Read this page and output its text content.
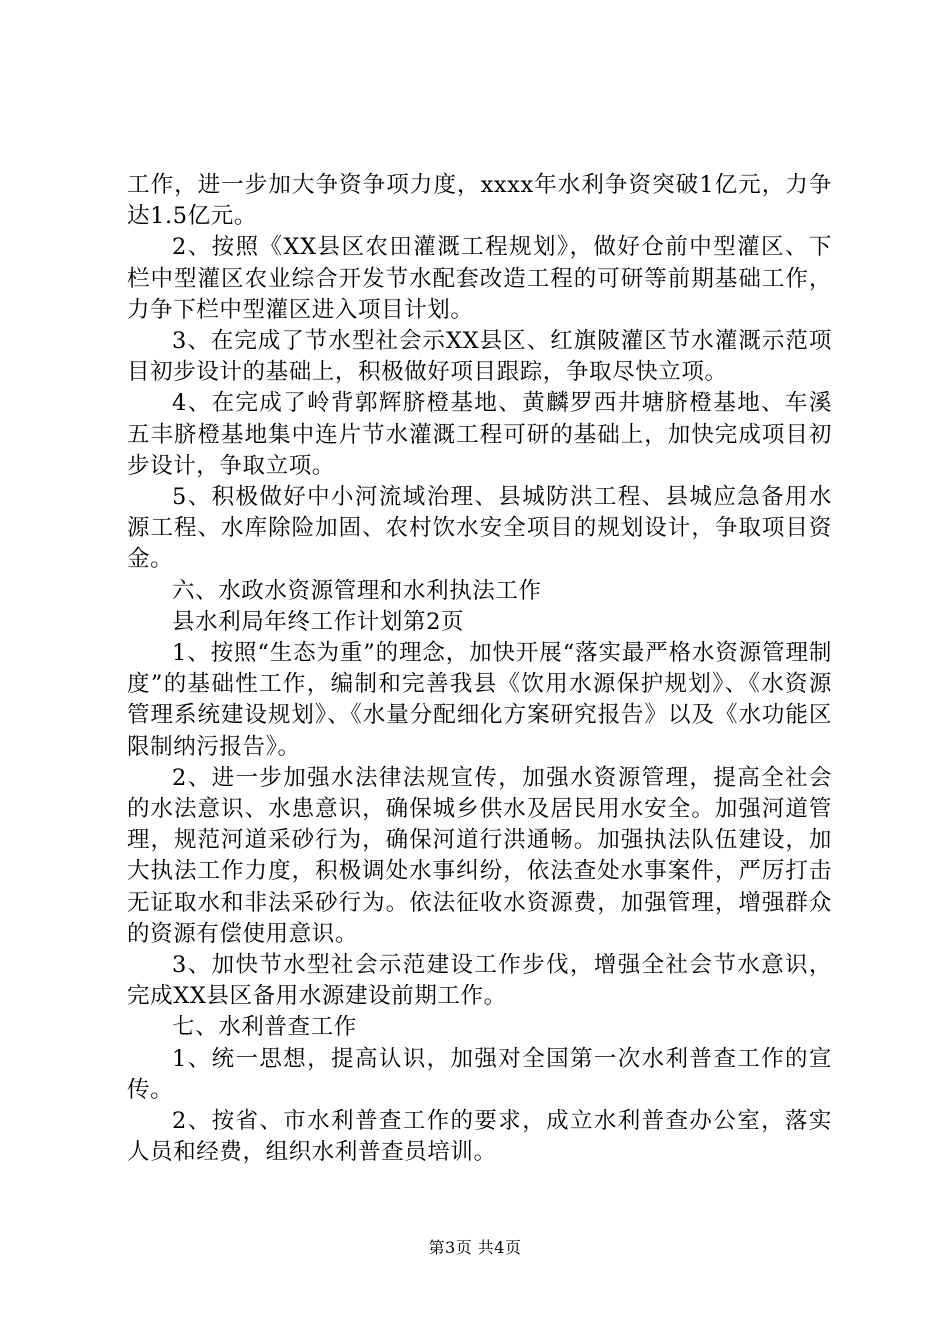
工作，进一步加大争资争项力度，xxxx年水利争资突破1亿元，力争达1.5亿元。

2、按照《XX县区农田灌溉工程规划》，做好仓前中型灌区、下栏中型灌区农业综合开发节水配套改造工程的可研等前期基础工作，力争下栏中型灌区进入项目计划。

3、在完成了节水型社会示XX县区、红旗陂灌区节水灌溉示范项目初步设计的基础上，积极做好项目跟踪，争取尽快立项。

4、在完成了岭背郭辉脐橙基地、黄麟罗西井塘脐橙基地、车溪五丰脐橙基地集中连片节水灌溉工程可研的基础上，加快完成项目初步设计，争取立项。

5、积极做好中小河流域治理、县城防洪工程、县城应急备用水源工程、水库除险加固、农村饮水安全项目的规划设计，争取项目资金。

六、水政水资源管理和水利执法工作

县水利局年终工作计划第2页

1、按照“生态为重”的理念，加快开展“落实最严格水资源管理制度”的基础性工作，编制和完善我县《饮用水源保护规划》、《水资源管理系统建设规划》、《水量分配细化方案研究报告》以及《水功能区限制纳污报告》。

2、进一步加强水法律法规宣传，加强水资源管理，提高全社会的水法意识、水患意识，确保城乡供水及居民用水安全。加强河道管理，规范河道采砂行为，确保河道行洪通畅。加强执法队伍建设，加大执法工作力度，积极调处水事纠纷，依法查处水事案件，严厉打击无证取水和非法采砂行为。依法征收水资源费，加强管理，增强群众的资源有偿使用意识。

3、加快节水型社会示范建设工作步伐，增强全社会节水意识，完成XX县区备用水源建设前期工作。

七、水利普查工作

1、统一思想，提高认识，加强对全国第一次水利普查工作的宣传。

2、按省、市水利普查工作的要求，成立水利普查办公室，落实人员和经费，组织水利普查员培训。

第3页 共4页
